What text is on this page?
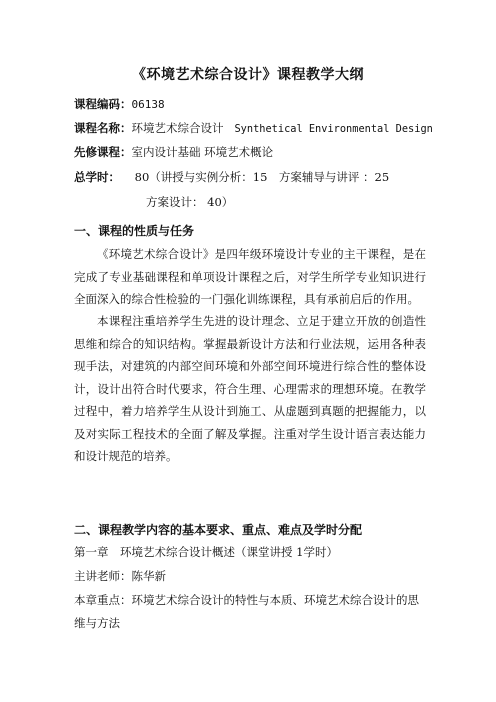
《环境艺术综合设计》课程教学大纲
课程编码：06138
课程名称：环境艺术综合设计 Synthetical Environmental Design
先修课程：室内设计基础 环境艺术概论
总学时： 80（讲授与实例分析：15　方案辅导与讲评 ：25
方案设计： 40）
一、课程的性质与任务

《环境艺术综合设计》是四年级环境设计专业的主干课程，是在完成了专业基础课程和单项设计课程之后，对学生所学专业知识进行全面深入的综合性检验的一门强化训练课程，具有承前启后的作用。

本课程注重培养学生先进的设计理念、立足于建立开放的创造性思维和综合的知识结构。掌握最新设计方法和行业法规，运用各种表现手法，对建筑的内部空间环境和外部空间环境进行综合性的整体设计，设计出符合时代要求，符合生理、心理需求的理想环境。在教学过程中，着力培养学生从设计到施工、从虚题到真题的把握能力，以及对实际工程技术的全面了解及掌握。注重对学生设计语言表达能力和设计规范的培养。

二、课程教学内容的基本要求、重点、难点及学时分配
第一章　环境艺术综合设计概述（课堂讲授 1学时）
主讲老师：陈华新

本章重点：环境艺术综合设计的特性与本质、环境艺术综合设计的思维与方法
